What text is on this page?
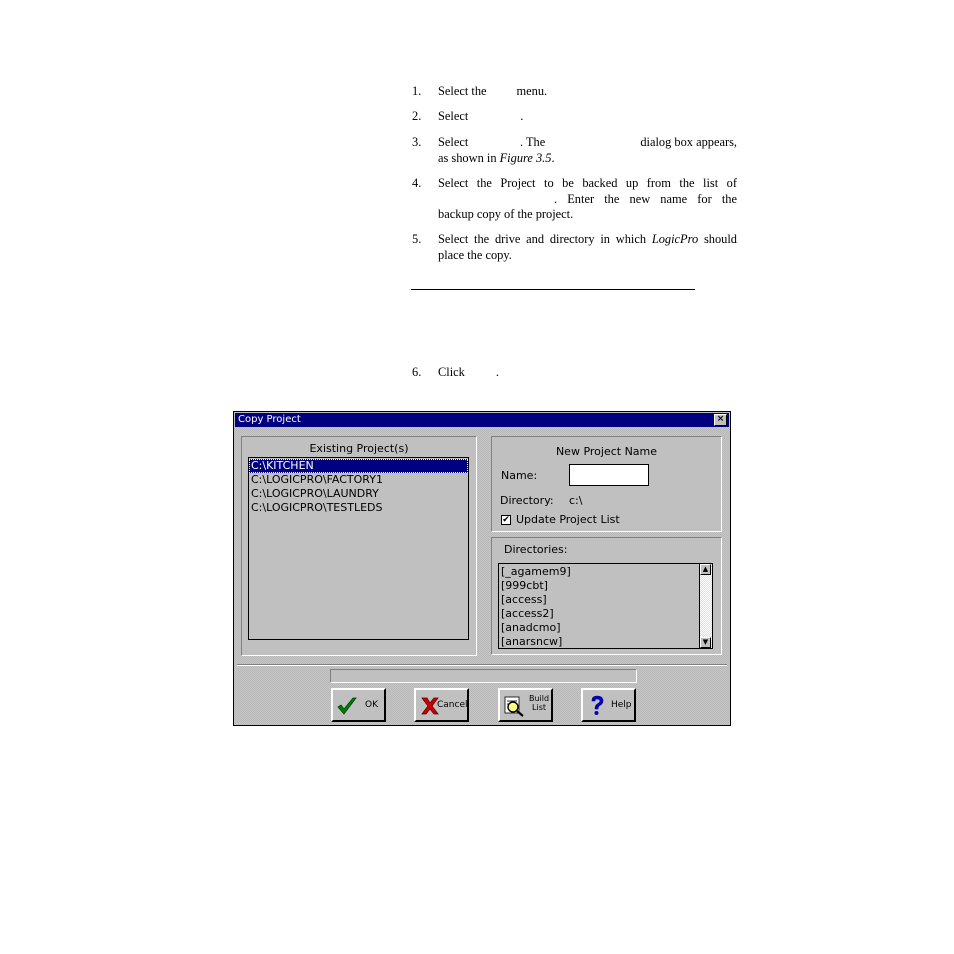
1. Select the menu.
2. Select	.
3. Select	. The	dialog box appears,
as shown in Figure 3.5.
4. Select the Project to be backed up from the list of
. Enter the new name for the
backup copy of the project.
5. Select the drive and directory in which LogicPro should
place the copy.
6. Click	.
Copy Project	×
Existing Project(s)
C:\KITCHEN
C:\LOGICPRO\FACTORY1
C:\LOGICPRO\LAUNDRY
C:\LOGICPRO\TESTLEDS
New Project Name
Name:
Directory: c:\
✔ Update Project List
Directories:
[_agamem9]
[999cbt]
[access]
[access2]
[anadcmo]
[anarsncw]
▲
▼
OK	Cancel
Build
List	Help
